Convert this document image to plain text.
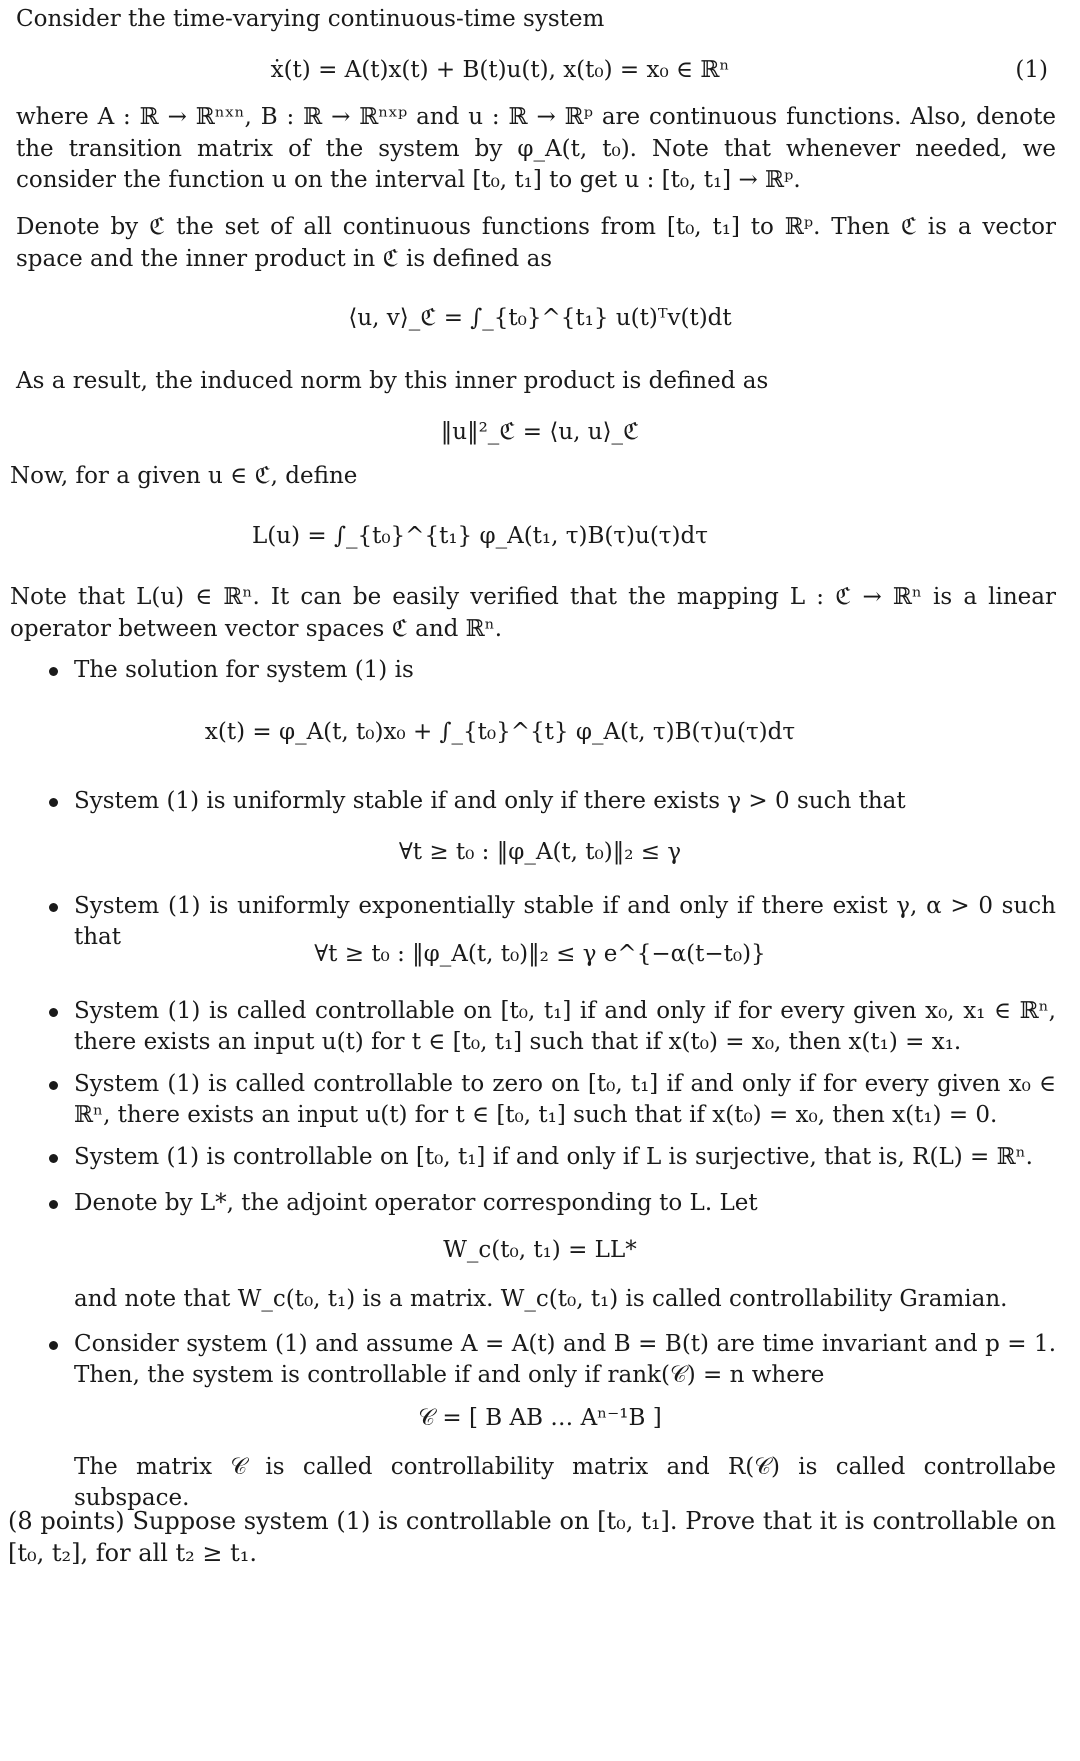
Consider the time-varying continuous-time system
ẋ(t) = A(t)x(t) + B(t)u(t), x(t₀) = x₀ ∈ ℝⁿ	(1)

where A : ℝ → ℝⁿˣⁿ, B : ℝ → ℝⁿˣᵖ and u : ℝ → ℝᵖ are continuous functions. Also, denote the transition matrix of the system by φ_A(t, t₀). Note that whenever needed, we consider the function u on the interval [t₀, t₁] to get u : [t₀, t₁] → ℝᵖ.

Denote by ℭ the set of all continuous functions from [t₀, t₁] to ℝᵖ. Then ℭ is a vector space and the inner product in ℭ is defined as

⟨u, v⟩_ℭ = ∫_{t₀}^{t₁} u(t)ᵀv(t)dt
As a result, the induced norm by this inner product is defined as
‖u‖²_ℭ = ⟨u, u⟩_ℭ
Now, for a given u ∈ ℭ, define
L(u) = ∫_{t₀}^{t₁} φ_A(t₁, τ)B(τ)u(τ)dτ

Note that L(u) ∈ ℝⁿ. It can be easily verified that the mapping L : ℭ → ℝⁿ is a linear operator between vector spaces ℭ and ℝⁿ.

The solution for system (1) is

x(t) = φ_A(t, t₀)x₀ + ∫_{t₀}^{t} φ_A(t, τ)B(τ)u(τ)dτ

System (1) is uniformly stable if and only if there exists γ > 0 such that

∀t ≥ t₀ : ‖φ_A(t, t₀)‖₂ ≤ γ

System (1) is uniformly exponentially stable if and only if there exist γ, α > 0 such that

∀t ≥ t₀ : ‖φ_A(t, t₀)‖₂ ≤ γ e^{−α(t−t₀)}

System (1) is called controllable on [t₀, t₁] if and only if for every given x₀, x₁ ∈ ℝⁿ, there exists an input u(t) for t ∈ [t₀, t₁] such that if x(t₀) = x₀, then x(t₁) = x₁.

System (1) is called controllable to zero on [t₀, t₁] if and only if for every given x₀ ∈ ℝⁿ, there exists an input u(t) for t ∈ [t₀, t₁] such that if x(t₀) = x₀, then x(t₁) = 0.

System (1) is controllable on [t₀, t₁] if and only if L is surjective, that is, R(L) = ℝⁿ.

Denote by L*, the adjoint operator corresponding to L. Let

W_c(t₀, t₁) = LL*

and note that W_c(t₀, t₁) is a matrix. W_c(t₀, t₁) is called controllability Gramian.

Consider system (1) and assume A = A(t) and B = B(t) are time invariant and p = 1. Then, the system is controllable if and only if rank(𝒞) = n where

𝒞 = [ B AB … Aⁿ⁻¹B ]

The matrix 𝒞 is called controllability matrix and R(𝒞) is called controllabe subspace.

(8 points) Suppose system (1) is controllable on [t₀, t₁]. Prove that it is controllable on [t₀, t₂], for all t₂ ≥ t₁.
